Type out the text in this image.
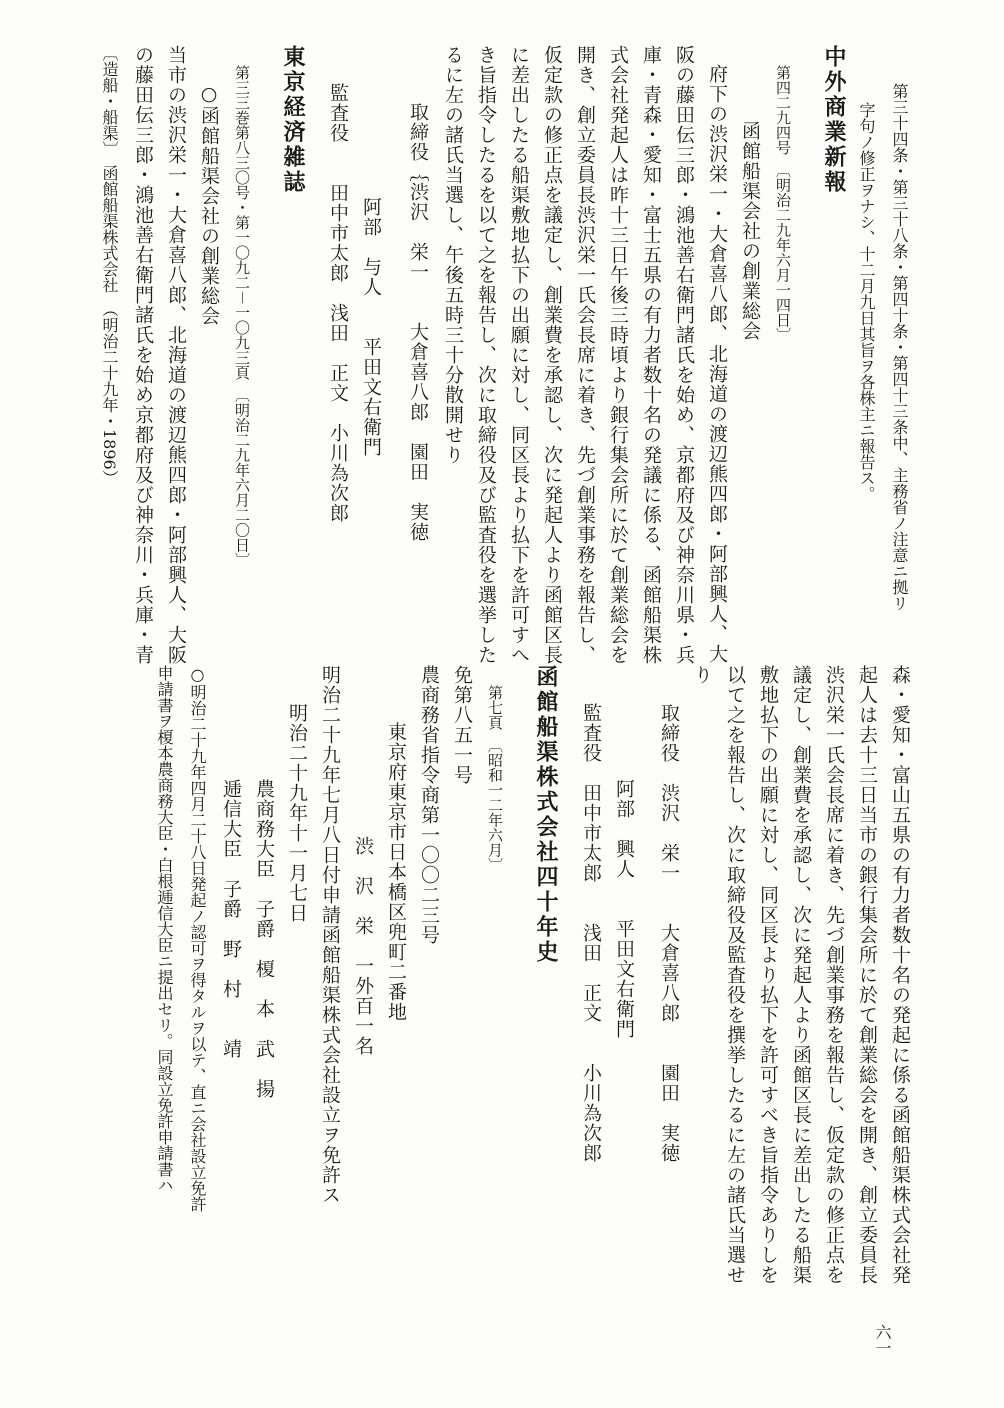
第三十四条・第三十八条・第四十条・第四十三条中、主務省ノ注意ニ拠リ
字句ノ修正ヲナシ、十二月九日其旨ヲ各株主ニ報告ス。
中外商業新報
第四二九四号　〔明治二九年六月一四日〕
函館船渠会社の創業総会
府下の渋沢栄一・大倉喜八郎、北海道の渡辺熊四郎・阿部興人、大
阪の藤田伝三郎・鴻池善右衛門諸氏を始め、京都府及び神奈川県・兵
庫・青森・愛知・富士五県の有力者数十名の発議に係る、函館船渠株
式会社発起人は昨十三日午後三時頃より銀行集会所に於て創業総会を
開き、創立委員長渋沢栄一氏会長席に着き、先づ創業事務を報告し、
仮定款の修正点を議定し、創業費を承認し、次に発起人より函館区長
に差出したる船渠敷地払下の出願に対し、同区長より払下を許可すへ
き旨指令したるを以て之を報告し、次に取締役及び監査役を選挙した
るに左の諸氏当選し、午後五時三十分散開せり
取締役︷渋沢　栄一　　大倉喜八郎　園田　実徳
阿部　与人　　平田文右衛門
監査役　　田中市太郎　浅田　正文　小川為次郎
東京経済雑誌
第三三巻第八三〇号・第一〇九二－一〇九三頁　〔明治二九年六月二〇日〕
○函館船渠会社の創業総会
当市の渋沢栄一・大倉喜八郎、北海道の渡辺熊四郎・阿部興人、大阪
の藤田伝三郎・鴻池善右衛門諸氏を始め京都府及び神奈川・兵庫・青
〔造船・船渠〕　函館船渠株式会社　（明治二十九年・1896）
森・愛知・富山五県の有力者数十名の発起に係る函館船渠株式会社発
起人は去十三日当市の銀行集会所に於て創業総会を開き、創立委員長
渋沢栄一氏会長席に着き、先づ創業事務を報告し、仮定款の修正点を
議定し、創業費を承認し、次に発起人より函館区長に差出したる船渠
敷地払下の出願に対し、同区長より払下を許可すべき旨指令ありしを
以て之を報告し、次に取締役及監査役を撰挙したるに左の諸氏当選せ
り
取締役　渋沢　栄一　　大倉喜八郎　　園田　実徳
阿部　興人　　平田文右衛門
監査役　田中市太郎　　浅田　正文　　小川為次郎
函館船渠株式会社四十年史
第七頁　〔昭和一二年六月〕
免第八五一号
農商務省指令商第一〇〇二三号
東京府東京市日本橋区兜町二番地
渋　沢　栄　一外百一名
明治二十九年七月八日付申請函館船渠株式会社設立ヲ免許ス
明治二十九年十一月七日
農商務大臣　子爵　榎　本　武　揚
逓信大臣　子爵　野　村　　靖
○明治二十九年四月二十八日発起ノ認可ヲ得タルヲ以テ、直ニ会社設立免許
申請書ヲ榎本農商務大臣・白根逓信大臣ニ提出セリ。同設立免許申請書ハ
六一
